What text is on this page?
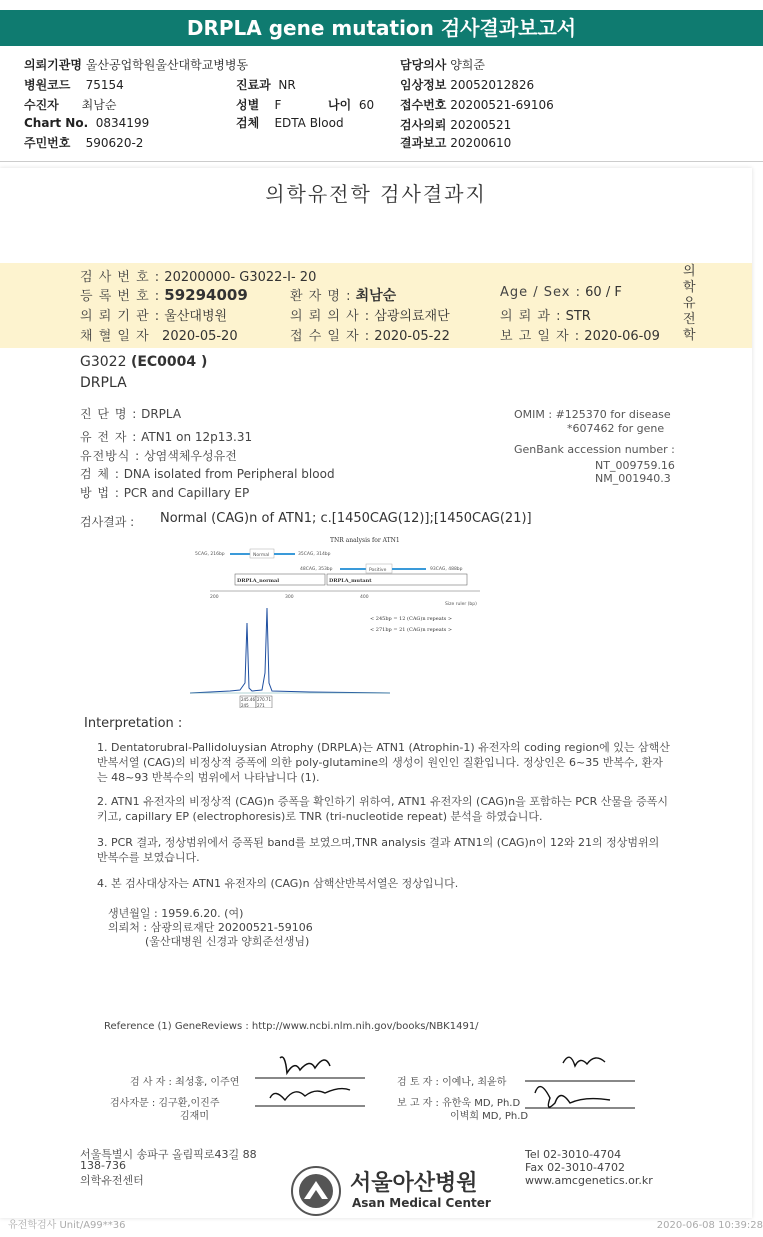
DRPLA gene mutation 검사결과보고서
의뢰기관명 울산공업학원울산대학교병병동
병원코드 75154
수진자 최남순
Chart No. 0834199
주민번호 590620-2
진료과 NR
성별 F	나이 60
검체 EDTA Blood
담당의사 양희준
임상정보 20052012826
접수번호 20200521-69106
검사의뢰 20200521
결과보고 20200610
의학유전학 검사결과지
의학유전학
검 사 번 호 : 20200000- G3022-I- 20
등 록 번 호 : 59294009	환 자 명 : 최남순	Age / Sex : 60 / F
의 뢰 기 관 : 울산대병원	의 뢰 의 사 : 삼광의료재단	의 뢰 과 : STR
채 혈 일 자 2020-05-20	접 수 일 자 : 2020-05-22	보 고 일 자 : 2020-06-09
G3022 (EC0004 )
DRPLA
진 단 명 : DRPLA
유 전 자 : ATN1 on 12p13.31
유전방식 : 상염색체우성유전
검 체 : DNA isolated from Peripheral blood
방 법 : PCR and Capillary EP
OMIM : #125370 for disease
*607462 for gene
GenBank accession number :
NT_009759.16
NM_001940.3
검사결과 : Normal (CAG)n of ATN1; c.[1450CAG(12)];[1450CAG(21)]
TNR analysis for ATN1
5CAG, 216bp	Normal	35CAG, 314bp
48CAG, 353bp	Positive	93CAG, 488bp
DRPLA_normal	DRPLA_mutant
200	300	400
Size ruler (bp)
< 245bp = 12 (CAG)n repeats >
< 271bp = 21 (CAG)n repeats >
245.46 270.71
245 271
Interpretation :
1. Dentatorubral-Pallidoluysian Atrophy (DRPLA)는 ATN1 (Atrophin-1) 유전자의 coding region에 있는 삼핵산반복서열 (CAG)의 비정상적 증폭에 의한 poly-glutamine의 생성이 원인인 질환입니다. 정상인은 6~35 반복수, 환자는 48~93 반복수의 범위에서 나타납니다 (1).
2. ATN1 유전자의 비정상적 (CAG)n 증폭을 확인하기 위하여, ATN1 유전자의 (CAG)n을 포함하는 PCR 산물을 증폭시키고, capillary EP (electrophoresis)로 TNR (tri-nucleotide repeat) 분석을 하였습니다.
3. PCR 결과, 정상범위에서 증폭된 band를 보였으며,TNR analysis 결과 ATN1의 (CAG)n이 12와 21의 정상범위의 반복수를 보였습니다.
4. 본 검사대상자는 ATN1 유전자의 (CAG)n 삼핵산반복서열은 정상입니다.
생년월일 : 1959.6.20. (여)
의뢰처 : 삼광의료재단 20200521-59106
(울산대병원 신경과 양희준선생님)
Reference (1) GeneReviews : http://www.ncbi.nlm.nih.gov/books/NBK1491/
검 사 자 : 최성홍, 이주연
검사자문 : 김구환,이진주
김재미
검 토 자 : 이예나, 최윤하
보 고 자 : 유한욱 MD, Ph.D
이벽희 MD, Ph.D
서울특별시 송파구 올림픽로43길 88
138-736
의학유전센터
Tel 02-3010-4704
Fax 02-3010-4702
www.amcgenetics.or.kr
서울아산병원
Asan Medical Center
유전학검사 Unit/A99**36	2020-06-08 10:39:28
